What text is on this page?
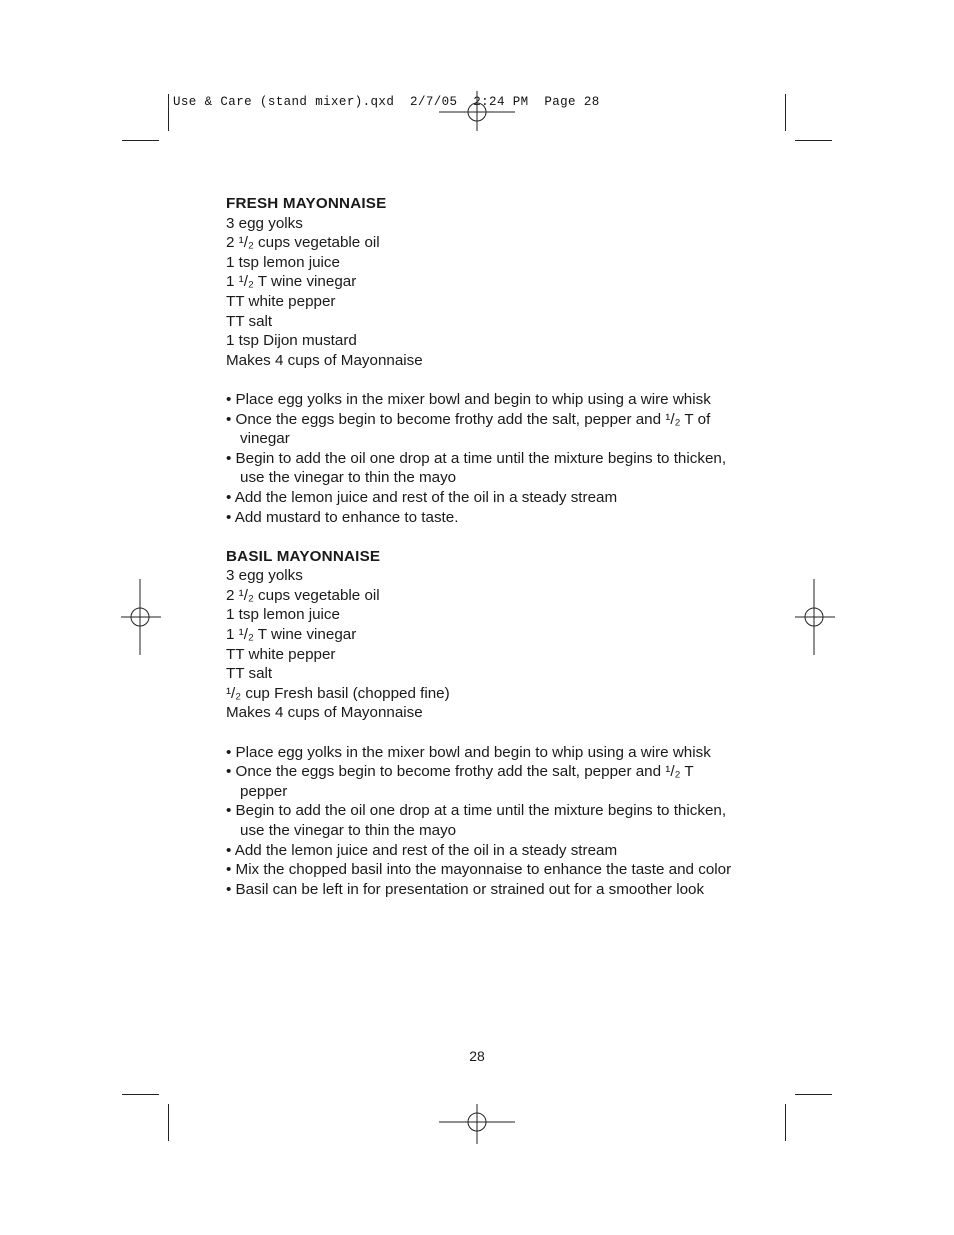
Use & Care (stand mixer).qxd  2/7/05  2:24 PM  Page 28
FRESH MAYONNAISE
3 egg yolks
2 ¹/₂ cups vegetable oil
1 tsp lemon juice
1 ¹/₂ T wine vinegar
TT white pepper
TT salt
1 tsp Dijon mustard
Makes 4 cups of Mayonnaise
• Place egg yolks in the mixer bowl and begin to whip using a wire whisk
• Once the eggs begin to become frothy add the salt, pepper and ¹/₂ T of vinegar
• Begin to add the oil one drop at a time until the mixture begins to thicken, use the vinegar to thin the mayo
• Add the lemon juice and rest of the oil in a steady stream
• Add mustard to enhance to taste.
BASIL MAYONNAISE
3 egg yolks
2 ¹/₂ cups vegetable oil
1 tsp lemon juice
1 ¹/₂ T wine vinegar
TT white pepper
TT salt
¹/₂ cup Fresh basil (chopped fine)
Makes 4 cups of Mayonnaise
• Place egg yolks in the mixer bowl and begin to whip using a wire whisk
• Once the eggs begin to become frothy add the salt, pepper and ¹/₂ T pepper
• Begin to add the oil one drop at a time until the mixture begins to thicken, use the vinegar to thin the mayo
• Add the lemon juice and rest of the oil in a steady stream
• Mix the chopped basil into the mayonnaise to enhance the taste and color
• Basil can be left in for presentation or strained out for a smoother look
28
